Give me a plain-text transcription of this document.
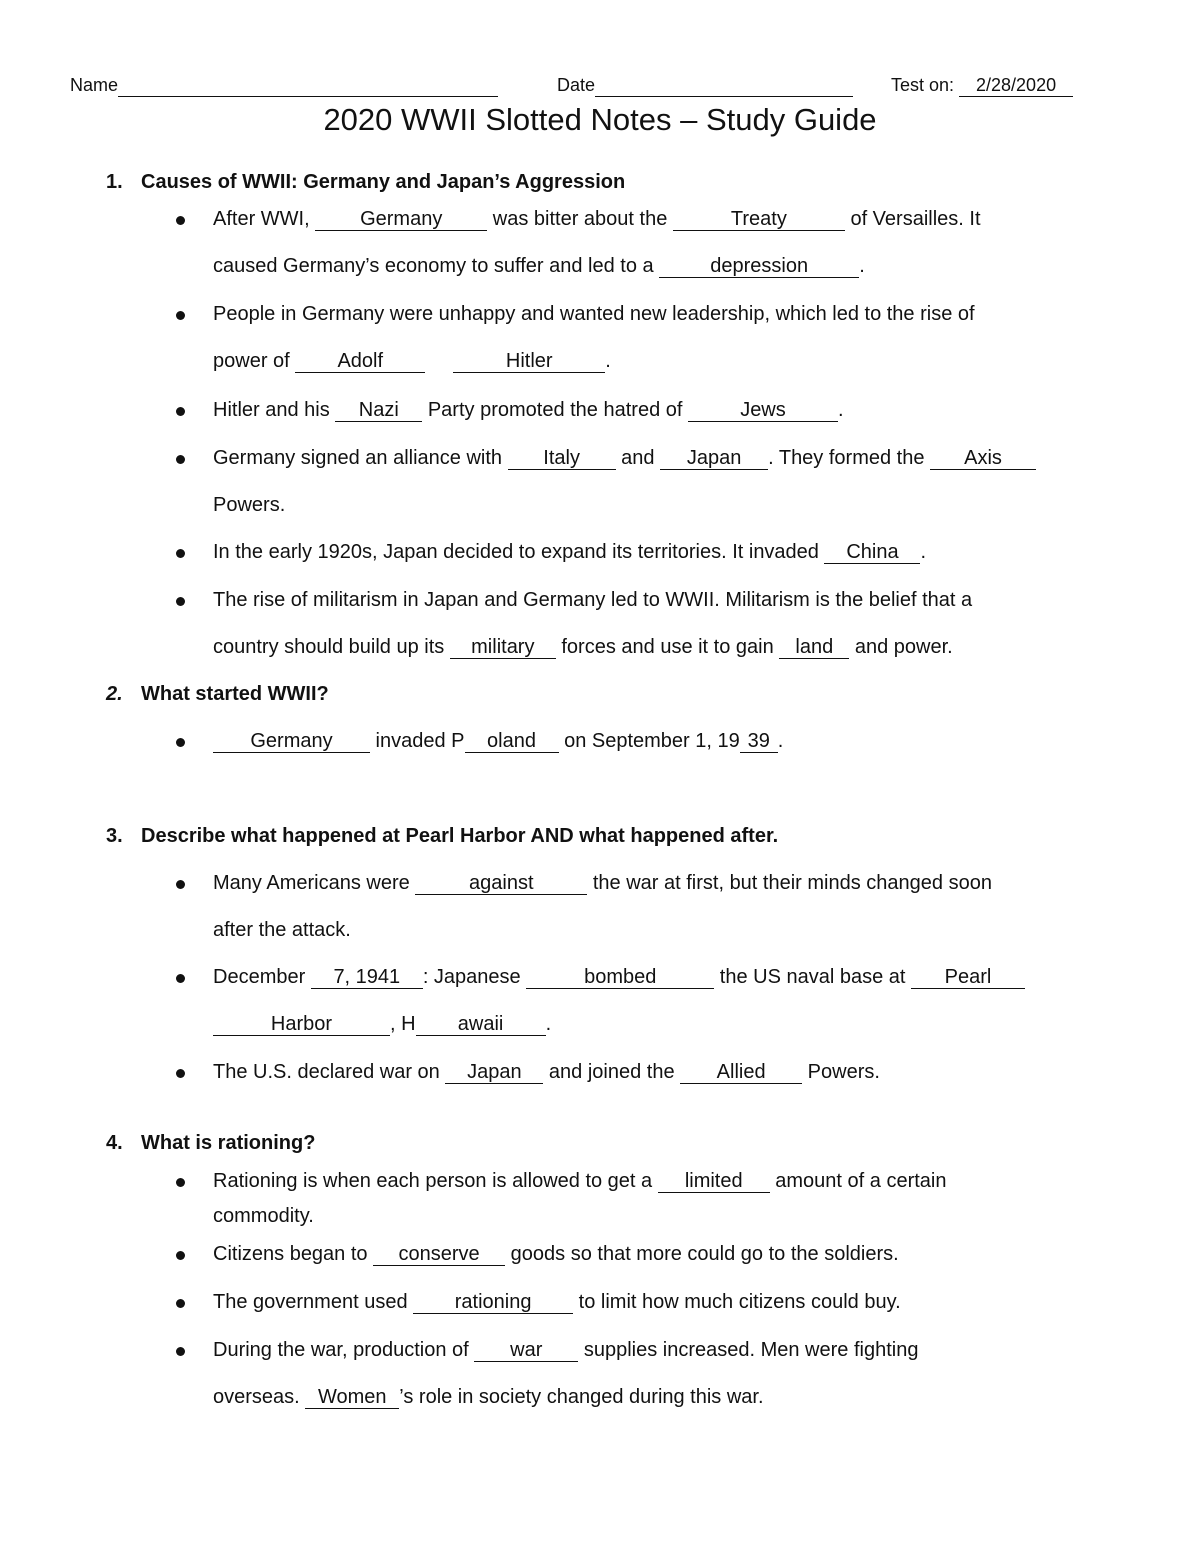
Name	Date	Test on: 2/28/2020
2020 WWII Slotted Notes – Study Guide
1. Causes of WWII: Germany and Japan’s Aggression
After WWI, Germany was bitter about the	Treaty	of Versailles. It
caused Germany’s economy to suffer and led to a	depression	.
People in Germany were unhappy and wanted new leadership, which led to the rise of
power of Adolf	Hitler	.
Hitler and his Nazi Party promoted the hatred of	Jews	.
Germany signed an alliance with Italy and Japan . They formed the Axis
Powers.
In the early 1920s, Japan decided to expand its territories. It invaded China .
The rise of militarism in Japan and Germany led to WWII. Militarism is the belief that a
country should build up its military forces and use it to gain land and power.
2. What started WWII?
Germany invaded P oland on September 1, 19 39 .
3. Describe what happened at Pearl Harbor AND what happened after.
Many Americans were	against	the war at first, but their minds changed soon
after the attack.
December 7, 1941 : Japanese	bombed	the US naval base at Pearl
Harbor	, H awaii .
The U.S. declared war on Japan and joined the Allied Powers.
4. What is rationing?
Rationing is when each person is allowed to get a limited amount of a certain
commodity.
Citizens began to conserve goods so that more could go to the soldiers.
The government used rationing to limit how much citizens could buy.
During the war, production of war supplies increased. Men were fighting
overseas. Women ’s role in society changed during this war.
